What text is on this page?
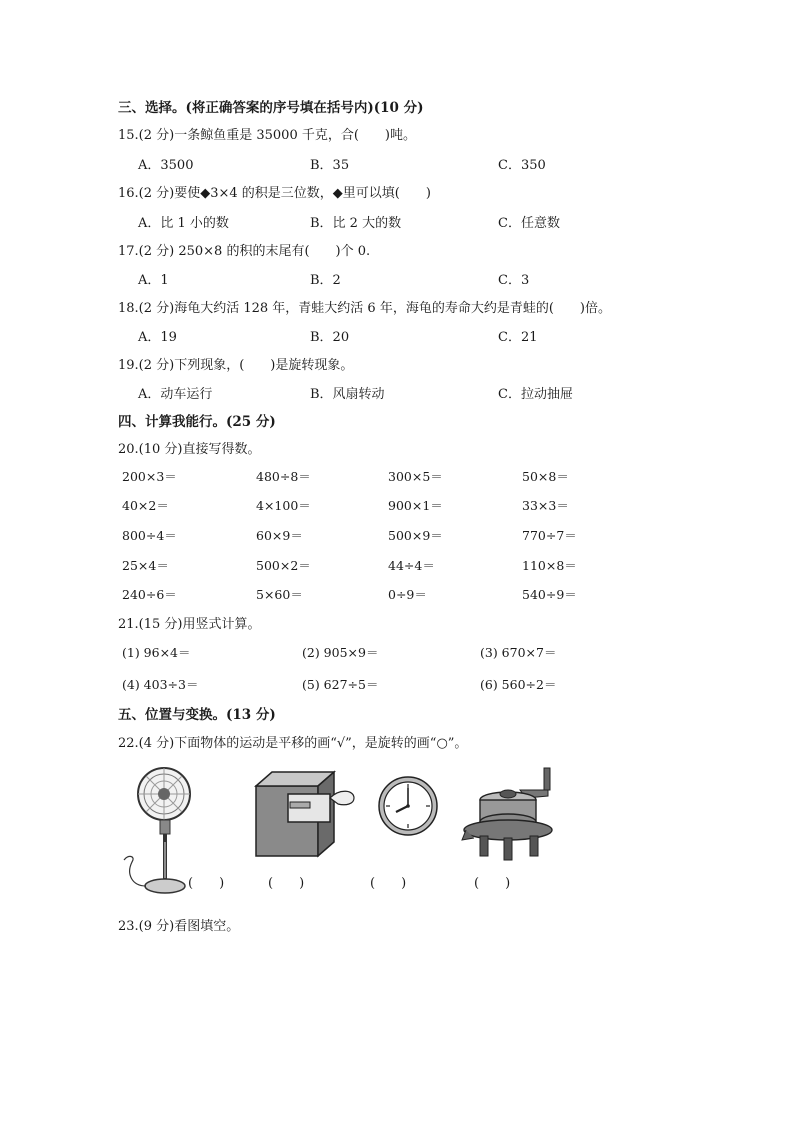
三、选择。(将正确答案的序号填在括号内)(10 分)
15.(2 分)一条鲸鱼重是 35000 千克，合(　　)吨。
A．3500	B．35	C．350
16.(2 分)要使◆3×4 的积是三位数，◆里可以填(　　)
A．比 1 小的数	B．比 2 大的数	C．任意数
17.(2 分) 250×8 的积的末尾有(　　)个 0.
A．1	B．2	C．3
18.(2 分)海龟大约活 128 年，青蛙大约活 6 年，海龟的寿命大约是青蛙的(　　)倍。
A．19	B．20	C．21
19.(2 分)下列现象，(　　)是旋转现象。
A．动车运行	B．风扇转动	C．拉动抽屉
四、计算我能行。(25 分)
20.(10 分)直接写得数。
200×3＝	480÷8＝	300×5＝	50×8＝
40×2＝	4×100＝	900×1＝	33×3＝
800÷4＝	60×9＝	500×9＝	770÷7＝
25×4＝	500×2＝	44÷4＝	110×8＝
240÷6＝	5×60＝	0÷9＝	540÷9＝
21.(15 分)用竖式计算。
(1) 96×4＝	(2) 905×9＝	(3) 670×7＝
(4) 403÷3＝	(5) 627÷5＝	(6) 560÷2＝
五、位置与变换。(13 分)
22.(4 分)下面物体的运动是平移的画“√”，是旋转的画“○”。
(　　)	(　　)	(　　)	(　　)
23.(9 分)看图填空。
